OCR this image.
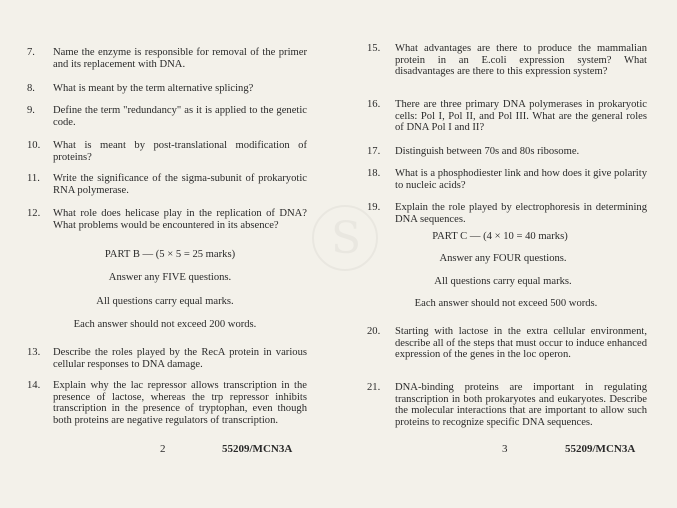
S
7. Name the enzyme is responsible for removal of the primer and its replacement with DNA.
8. What is meant by the term alternative splicing?
9. Define the term "redundancy" as it is applied to the genetic code.
10. What is meant by post-translational modification of proteins?
11. Write the significance of the sigma-subunit of prokaryotic RNA polymerase.
12. What role does helicase play in the replication of DNA? What problems would be encountered in its absence?
PART B — (5 × 5 = 25 marks)
Answer any FIVE questions.
All questions carry equal marks.
Each answer should not exceed 200 words.
13. Describe the roles played by the RecA protein in various cellular responses to DNA damage.
14. Explain why the lac repressor allows transcription in the presence of lactose, whereas the trp repressor inhibits transcription in the presence of tryptophan, even though both proteins are negative regulators of transcription.
2	55209/MCN3A
15. What advantages are there to produce the mammalian protein in an E.coli expression system? What disadvantages are there to this expression system?
16. There are three primary DNA polymerases in prokaryotic cells: Pol I, Pol II, and Pol III. What are the general roles of DNA Pol I and II?
17. Distinguish between 70s and 80s ribosome.
18. What is a phosphodiester link and how does it give polarity to nucleic acids?
19. Explain the role played by electrophoresis in determining DNA sequences.
PART C — (4 × 10 = 40 marks)
Answer any FOUR questions.
All questions carry equal marks.
Each answer should not exceed 500 words.
20. Starting with lactose in the extra cellular environment, describe all of the steps that must occur to induce enhanced expression of the genes in the loc operon.
21. DNA-binding proteins are important in regulating transcription in both prokaryotes and eukaryotes. Describe the molecular interactions that are important to allow such proteins to recognize specific DNA sequences.
3	55209/MCN3A
